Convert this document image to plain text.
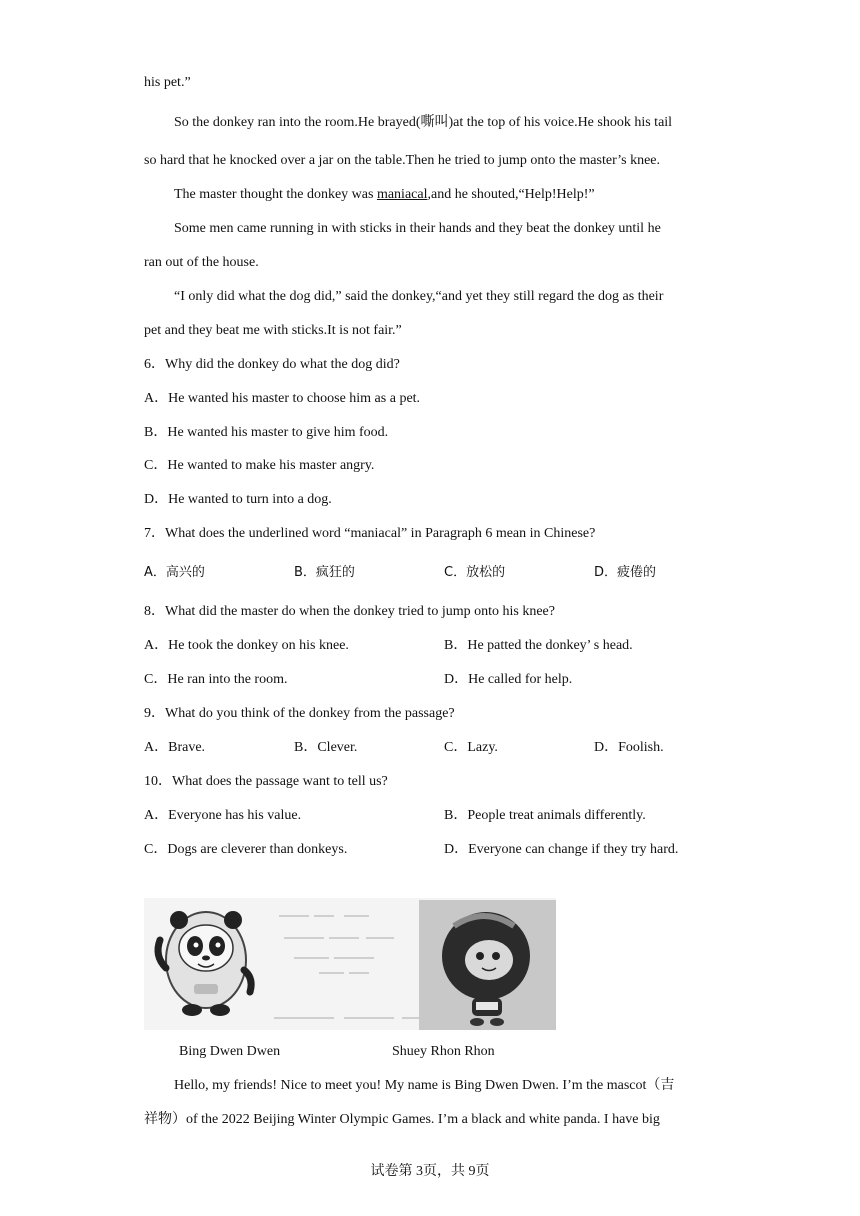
his pet.”
So the donkey ran into the room.He brayed(嘶叫)at the top of his voice.He shook his tail
so hard that he knocked over a jar on the table.Then he tried to jump onto the master’s knee.
The master thought the donkey was maniacal,and he shouted,“Help!Help!”
Some men came running in with sticks in their hands and they beat the donkey until he
ran out of the house.
“I only did what the dog did,” said the donkey,“and yet they still regard the dog as their
pet and they beat me with sticks.It is not fair.”
6．Why did the donkey do what the dog did?
A．He wanted his master to choose him as a pet.
B．He wanted his master to give him food.
C．He wanted to make his master angry.
D．He wanted to turn into a dog.
7．What does the underlined word “maniacal” in Paragraph 6 mean in Chinese?
A．高兴的	B．疯狂的	C．放松的	D．疲倦的
8．What did the master do when the donkey tried to jump onto his knee?
A．He took the donkey on his knee.	B．He patted the donkey’ s head.
C．He ran into the room.	D．He called for help.
9．What do you think of the donkey from the passage?
A．Brave.	B．Clever.	C．Lazy.	D．Foolish.
10．What does the passage want to tell us?
A．Everyone has his value.	B．People treat animals differently.
C．Dogs are cleverer than donkeys.	D．Everyone can change if they try hard.
Bing Dwen Dwen	Shuey Rhon Rhon
Hello, my friends! Nice to meet you! My name is Bing Dwen Dwen. I’m the mascot（吉
祥物）of the 2022 Beijing Winter Olympic Games. I’m a black and white panda. I have big
试卷第 3页，共 9页
